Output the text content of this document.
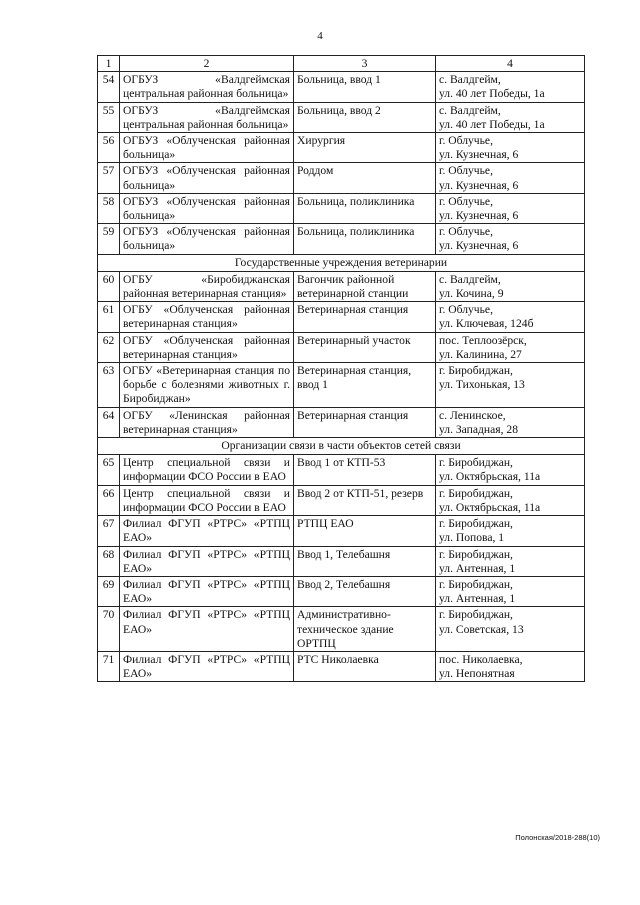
4
1	2	3	4
54	ОГБУЗ «Валдгеймская центральная районная больница»	Больница, ввод 1	с. Валдгейм,
ул. 40 лет Победы, 1а

55	ОГБУЗ «Валдгеймская центральная районная больница»	Больница, ввод 2	с. Валдгейм,
ул. 40 лет Победы, 1а

56	ОГБУЗ «Облученская районная больница»	Хирургия	г. Облучье,
ул. Кузнечная, 6

57	ОГБУЗ «Облученская районная больница»	Роддом	г. Облучье,
ул. Кузнечная, 6

58	ОГБУЗ «Облученская районная больница»	Больница, поликлиника	г. Облучье,
ул. Кузнечная, 6

59	ОГБУЗ «Облученская районная больница»	Больница, поликлиника	г. Облучье,
ул. Кузнечная, 6

Государственные учреждения ветеринарии			
60	ОГБУ «Биробиджанская районная ветеринарная станция»	Вагончик районной ветеринарной станции	с. Валдгейм,
ул. Кочина, 9

61	ОГБУ «Облученская районная ветеринарная станция»	Ветеринарная станция	г. Облучье,
ул. Ключевая, 124б

62	ОГБУ «Облученская районная ветеринарная станция»	Ветеринарный участок	пос. Теплоозёрск,
ул. Калинина, 27

63	ОГБУ «Ветеринарная станция по борьбе с болезнями животных г. Биробиджан»	Ветеринарная станция, ввод 1	г. Биробиджан,
ул. Тихонькая, 13

64	ОГБУ «Ленинская районная ветеринарная станция»	Ветеринарная станция	с. Ленинское,
ул. Западная, 28

Организации связи в части объектов сетей связи			
65	Центр специальной связи и информации ФСО России в ЕАО	Ввод 1 от КТП-53	г. Биробиджан,
ул. Октябрьская, 11а

66	Центр специальной связи и информации ФСО России в ЕАО	Ввод 2 от КТП-51, резерв	г. Биробиджан,
ул. Октябрьская, 11а

67	Филиал ФГУП «РТРС» «РТПЦ ЕАО»	РТПЦ ЕАО	г. Биробиджан,
ул. Попова, 1

68	Филиал ФГУП «РТРС» «РТПЦ ЕАО»	Ввод 1, Телебашня	г. Биробиджан,
ул. Антенная, 1

69	Филиал ФГУП «РТРС» «РТПЦ ЕАО»	Ввод 2, Телебашня	г. Биробиджан,
ул. Антенная, 1

70	Филиал ФГУП «РТРС» «РТПЦ ЕАО»	Административно-техническое здание ОРТПЦ	г. Биробиджан,
ул. Советская, 13

71	Филиал ФГУП «РТРС» «РТПЦ ЕАО»	РТС Николаевка	пос. Николаевка,
ул. Непонятная
Полонская/2018-288(10)
